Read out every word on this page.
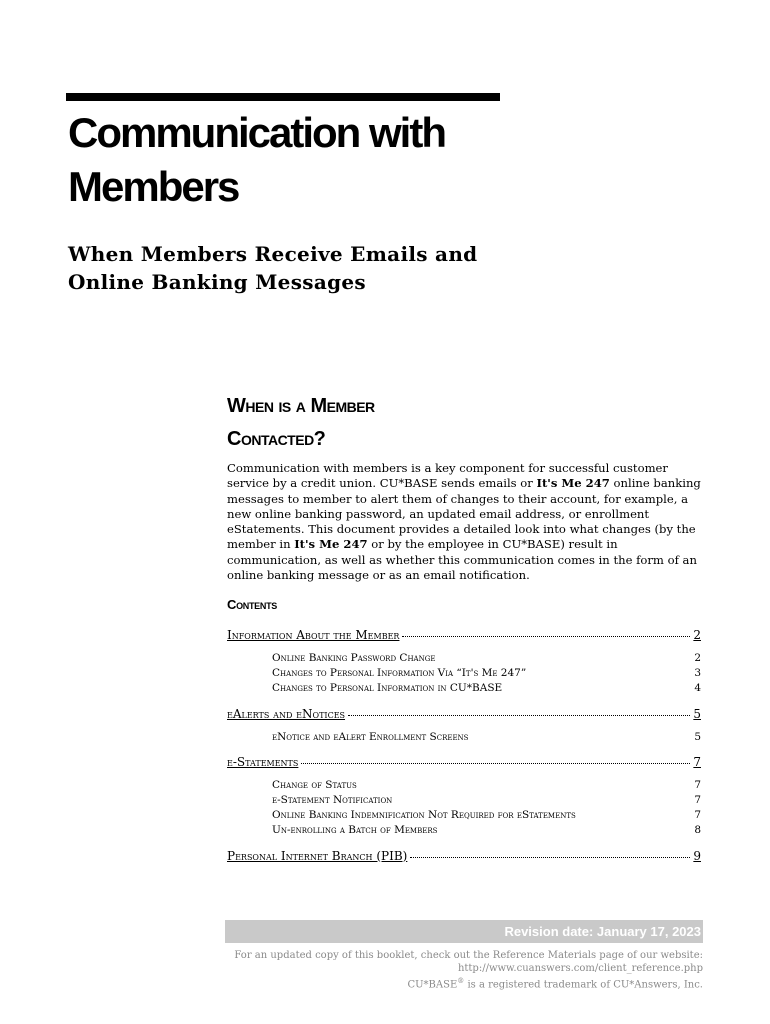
Communication with
Members
When Members Receive Emails and
Online Banking Messages
When is a Member
Contacted?

Communication with members is a key component for successful customer service by a credit union. CU*BASE sends emails or It's Me 247 online banking messages to member to alert them of changes to their account, for example, a new online banking password, an updated email address, or enrollment eStatements. This document provides a detailed look into what changes (by the member in It's Me 247 or by the employee in CU*BASE) result in communication, as well as whether this communication comes in the form of an online banking message or as an email notification.

Contents
Information About the Member	2
Online Banking Password Change	2
Changes to Personal Information Via “It's Me 247”	3
Changes to Personal Information in CU*BASE	4
eAlerts and eNotices	5
eNotice and eAlert Enrollment Screens	5
e-Statements	7
Change of Status	7
e-Statement Notification	7
Online Banking Indemnification Not Required for eStatements	7
Un-enrolling a Batch of Members	8
Personal Internet Branch (PIB)	9
Revision date: January 17, 2023
For an updated copy of this booklet, check out the Reference Materials page of our website:
http://www.cuanswers.com/client_reference.php
CU*BASE® is a registered trademark of CU*Answers, Inc.
